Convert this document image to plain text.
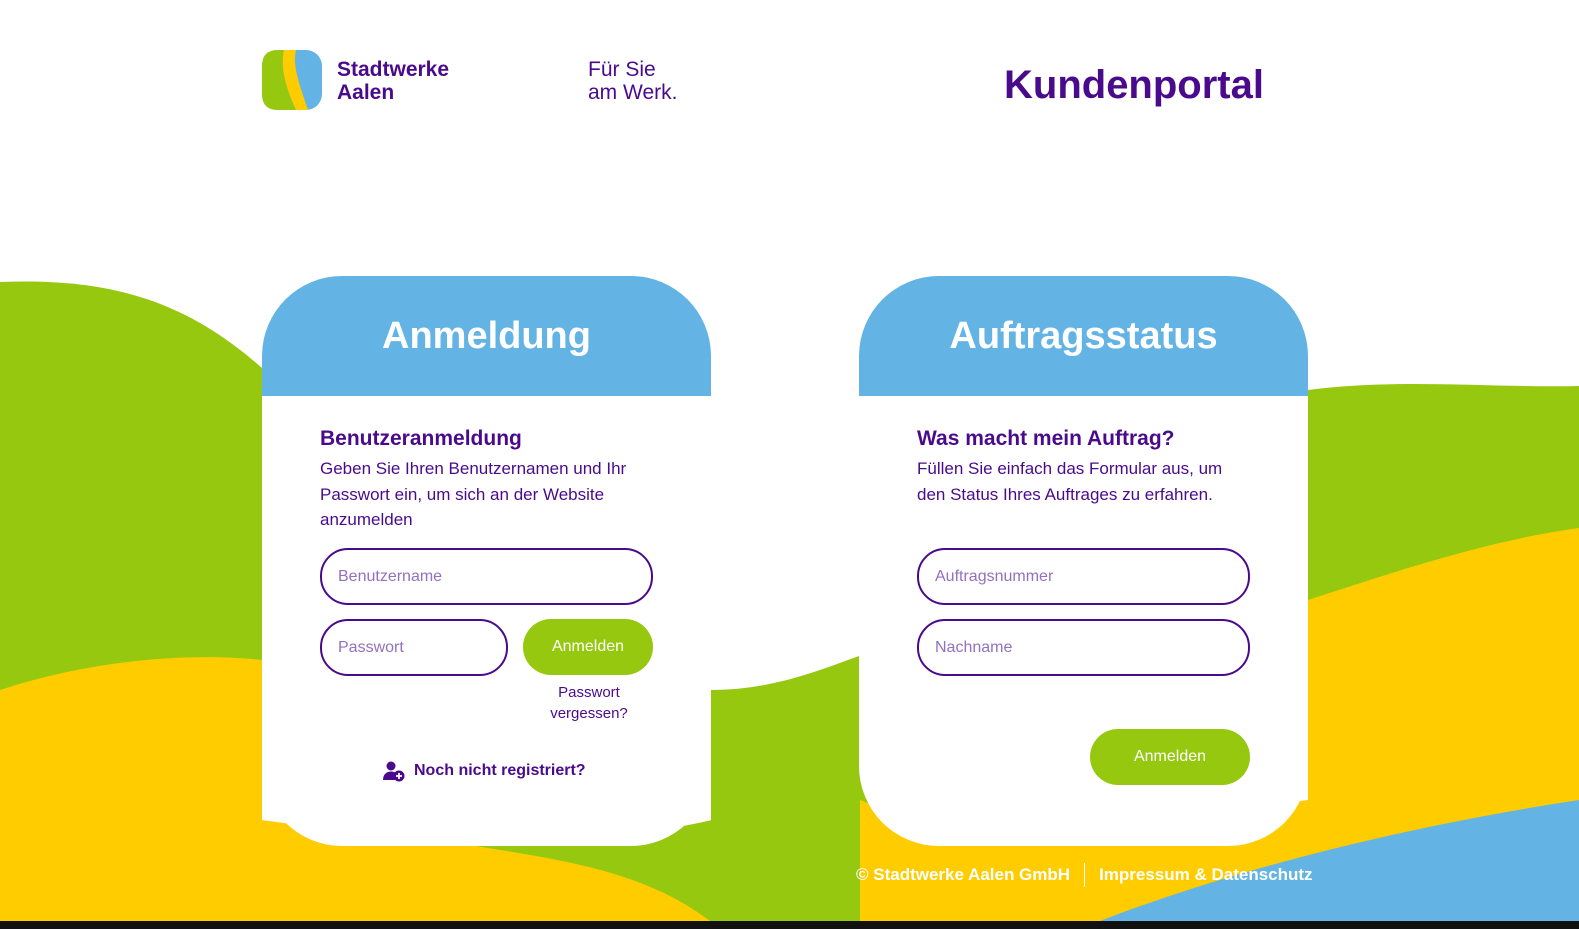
Stadtwerke
Aalen
Für Sie
am Werk.	Kundenportal
Anmeldung
Benutzeranmeldung

Geben Sie Ihren Benutzernamen und Ihr Passwort ein, um sich an der Website anzumelden

Benutzername
Anmelden
Passwort
vergessen?
Noch nicht registriert?
Auftragsstatus
Was macht mein Auftrag?

Füllen Sie einfach das Formular aus, um den Status Ihres Auftrages zu erfahren.

Auftragsnummer
Nachname
Anmelden
© Stadtwerke Aalen GmbH Impressum & Datenschutz
